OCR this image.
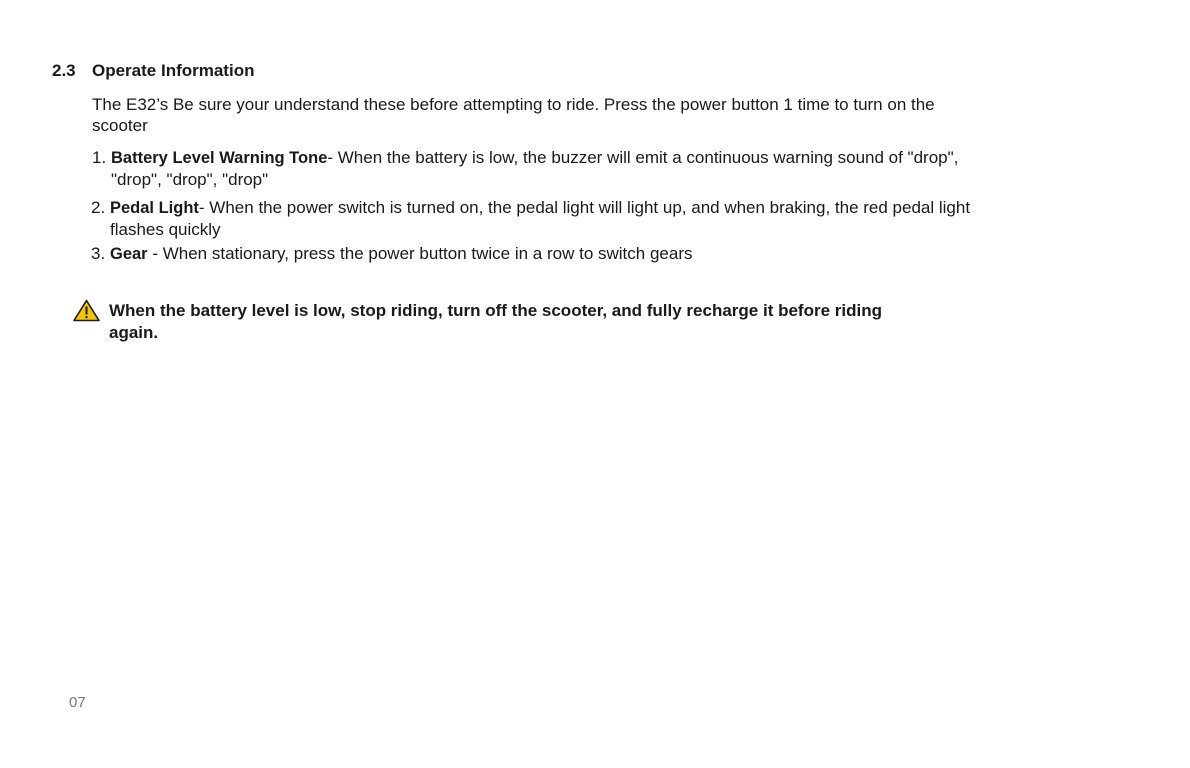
2.3 Operate Information
The E32’s Be sure your understand these before attempting to ride. Press the power button 1 time to turn on the scooter
1. Battery Level Warning Tone- When the battery is low, the buzzer will emit a continuous warning sound of "drop", "drop", "drop", "drop"
2. Pedal Light- When the power switch is turned on, the pedal light will light up, and when braking, the red pedal light flashes quickly
3. Gear - When stationary, press the power button twice in a row to switch gears
When the battery level is low, stop riding, turn off the scooter, and fully recharge it before riding again.
07
